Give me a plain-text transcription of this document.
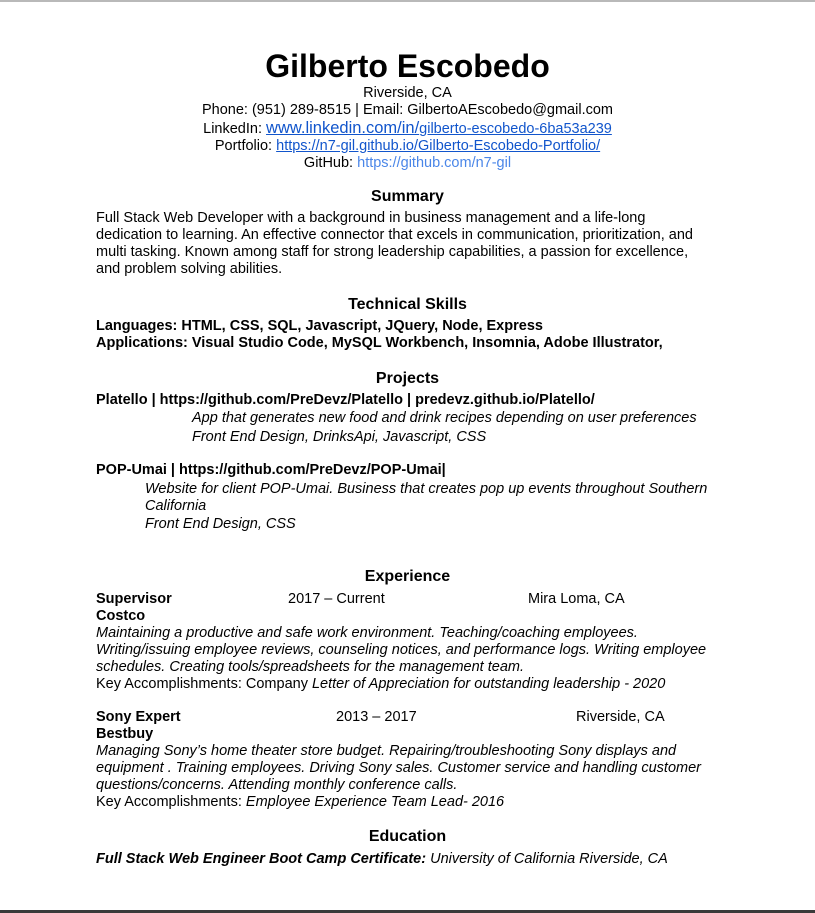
Gilberto Escobedo
Riverside, CA
Phone: (951) 289-8515 | Email: GilbertoAEscobedo@gmail.com
LinkedIn: www.linkedin.com/in/gilberto-escobedo-6ba53a239
Portfolio: https://n7-gil.github.io/Gilberto-Escobedo-Portfolio/
GitHub: https://github.com/n7-gil
Summary
Full Stack Web Developer with a background in business management and a life-long
dedication to learning. An effective connector that excels in communication, prioritization, and
multi tasking. Known among staff for strong leadership capabilities, a passion for excellence,
and problem solving abilities.
Technical Skills
Languages: HTML, CSS, SQL, Javascript, JQuery, Node, Express
Applications: Visual Studio Code, MySQL Workbench, Insomnia, Adobe Illustrator,
Projects
Platello | https://github.com/PreDevz/Platello | predevz.github.io/Platello/
App that generates new food and drink recipes depending on user preferences
Front End Design, DrinksApi, Javascript, CSS
POP-Umai | https://github.com/PreDevz/POP-Umai|
Website for client POP-Umai. Business that creates pop up events throughout Southern
California
Front End Design, CSS
Experience
Supervisor	2017 – Current	Mira Loma, CA
Costco
Maintaining a productive and safe work environment. Teaching/coaching employees.
Writing/issuing employee reviews, counseling notices, and performance logs. Writing employee
schedules. Creating tools/spreadsheets for the management team.
Key Accomplishments: Company Letter of Appreciation for outstanding leadership - 2020
Sony Expert	2013 – 2017	Riverside, CA
Bestbuy
Managing Sony’s home theater store budget. Repairing/troubleshooting Sony displays and
equipment . Training employees. Driving Sony sales. Customer service and handling customer
questions/concerns. Attending monthly conference calls.
Key Accomplishments: Employee Experience Team Lead- 2016
Education
Full Stack Web Engineer Boot Camp Certificate: University of California Riverside, CA
